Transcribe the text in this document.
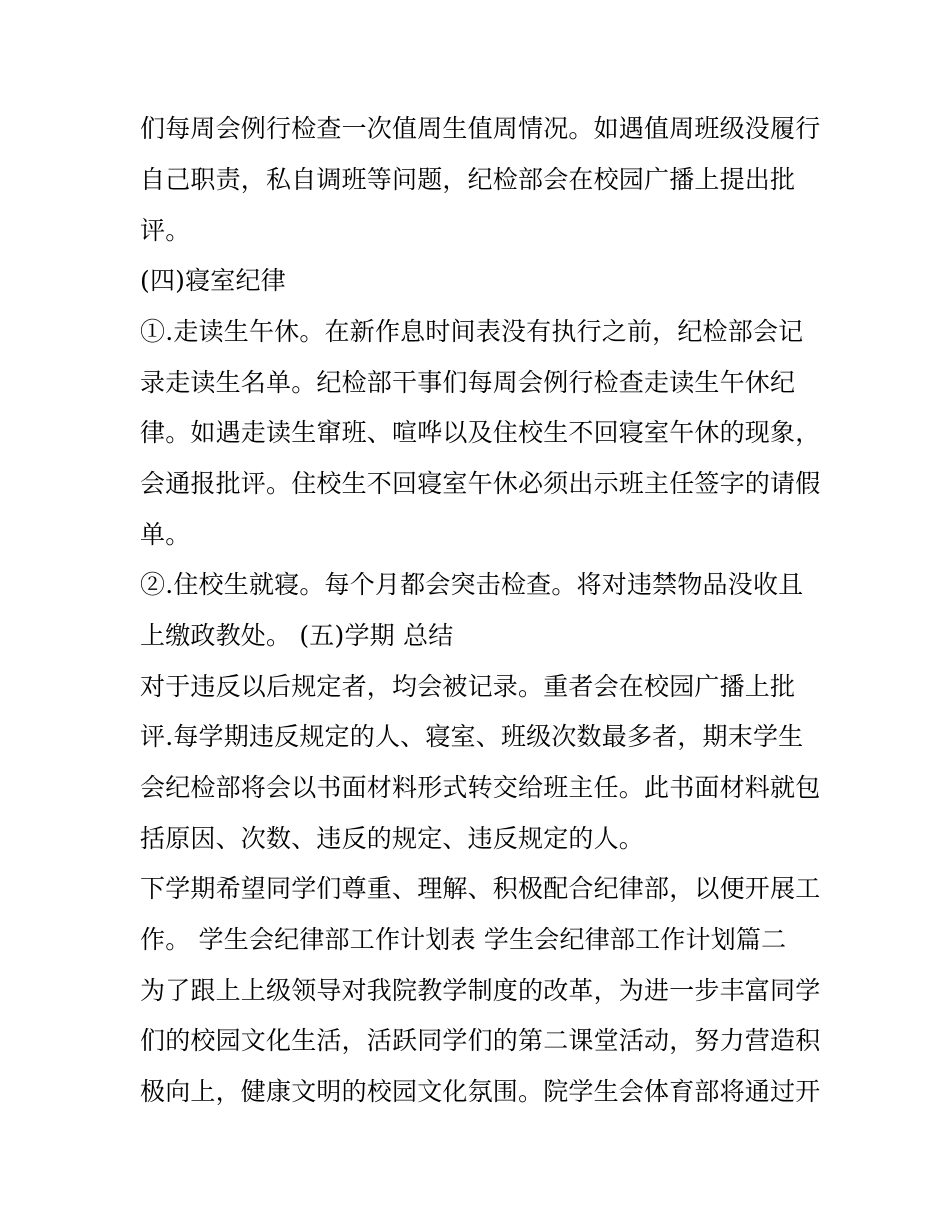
们每周会例行检查一次值周生值周情况。如遇值周班级没履行
自己职责，私自调班等问题，纪检部会在校园广播上提出批
评。
(四)寝室纪律
①.走读生午休。在新作息时间表没有执行之前，纪检部会记
录走读生名单。纪检部干事们每周会例行检查走读生午休纪
律。如遇走读生窜班、喧哗以及住校生不回寝室午休的现象，
会通报批评。住校生不回寝室午休必须出示班主任签字的请假
单。
②.住校生就寝。每个月都会突击检查。将对违禁物品没收且
上缴政教处。 (五)学期 总结
对于违反以后规定者，均会被记录。重者会在校园广播上批
评.每学期违反规定的人、寝室、班级次数最多者，期末学生
会纪检部将会以书面材料形式转交给班主任。此书面材料就包
括原因、次数、违反的规定、违反规定的人。
下学期希望同学们尊重、理解、积极配合纪律部，以便开展工
作。 学生会纪律部工作计划表 学生会纪律部工作计划篇二
为了跟上上级领导对我院教学制度的改革，为进一步丰富同学
们的校园文化生活，活跃同学们的第二课堂活动，努力营造积
极向上，健康文明的校园文化氛围。院学生会体育部将通过开
